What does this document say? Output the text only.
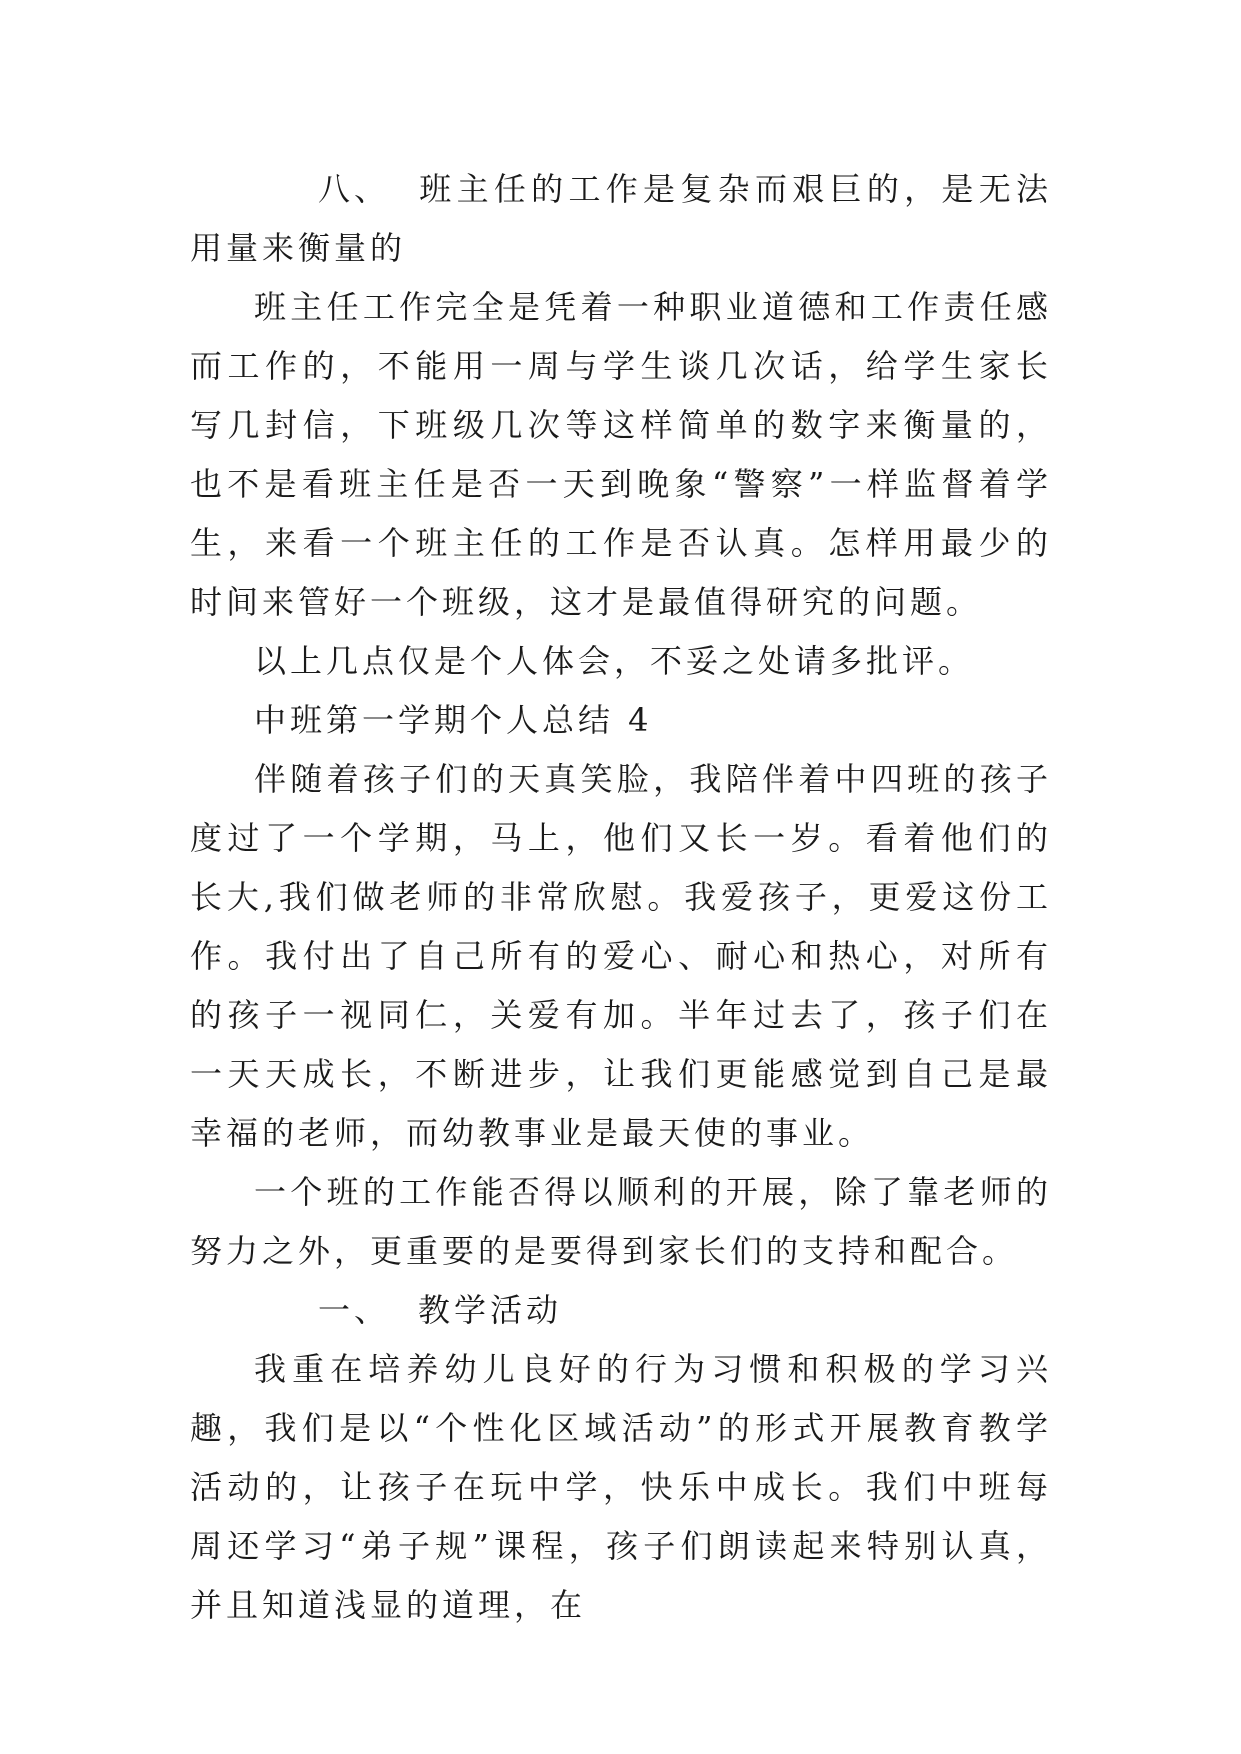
八、 班主任的工作是复杂而艰巨的，是无法用量来衡量的

班主任工作完全是凭着一种职业道德和工作责任感而工作的，不能用一周与学生谈几次话，给学生家长写几封信，下班级几次等这样简单的数字来衡量的，也不是看班主任是否一天到晚象“警察”一样监督着学生，来看一个班主任的工作是否认真。怎样用最少的时间来管好一个班级，这才是最值得研究的问题。

以上几点仅是个人体会，不妥之处请多批评。

中班第一学期个人总结 4

伴随着孩子们的天真笑脸，我陪伴着中四班的孩子度过了一个学期，马上，他们又长一岁。看着他们的长大,我们做老师的非常欣慰。我爱孩子，更爱这份工作。我付出了自己所有的爱心、耐心和热心，对所有的孩子一视同仁，关爱有加。半年过去了，孩子们在一天天成长，不断进步，让我们更能感觉到自己是最幸福的老师，而幼教事业是最天使的事业。

一个班的工作能否得以顺利的开展，除了靠老师的努力之外，更重要的是要得到家长们的支持和配合。

一、 教学活动

我重在培养幼儿良好的行为习惯和积极的学习兴趣，我们是以“个性化区域活动”的形式开展教育教学活动的，让孩子在玩中学，快乐中成长。我们中班每周还学习“弟子规”课程，孩子们朗读起来特别认真，并且知道浅显的道理，在
